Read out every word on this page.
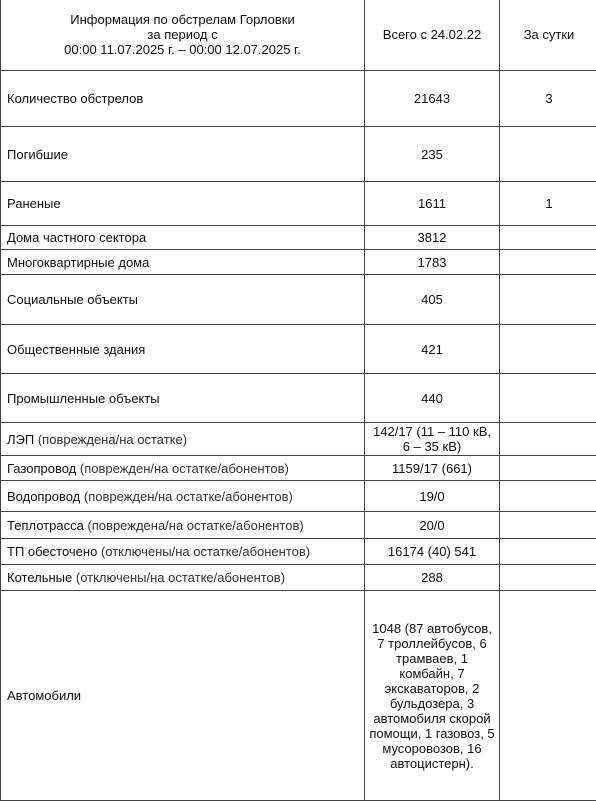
Информация по обстрелам Горловки
за период с
00:00 11.07.2025 г. – 00:00 12.07.2025 г.	Всего с 24.02.22	За сутки
Количество обстрелов	21643	3
Погибшие	235	
Раненые	1611	1
Дома частного сектора	3812	
Многоквартирные дома	1783	
Социальные объекты	405	
Общественные здания	421	
Промышленные объекты	440	
ЛЭП (повреждена/на остатке)	142/17 (11 – 110 кВ, 6 – 35 кВ)	
Газопровод (поврежден/на остатке/абонентов)	1159/17 (661)	
Водопровод (поврежден/на остатке/абонентов)	19/0	
Теплотрасса (повреждена/на остатке/абонентов)	20/0	
ТП обесточено (отключены/на остатке/абонентов)	16174 (40) 541	
Котельные (отключены/на остатке/абонентов)	288	
Автомобили	1048 (87 автобусов, 7 троллейбусов, 6 трамваев, 1 комбайн, 7 экскаваторов, 2 бульдозера, 3 автомобиля скорой помощи, 1 газовоз, 5 мусоровозов, 16 автоцистерн).	
